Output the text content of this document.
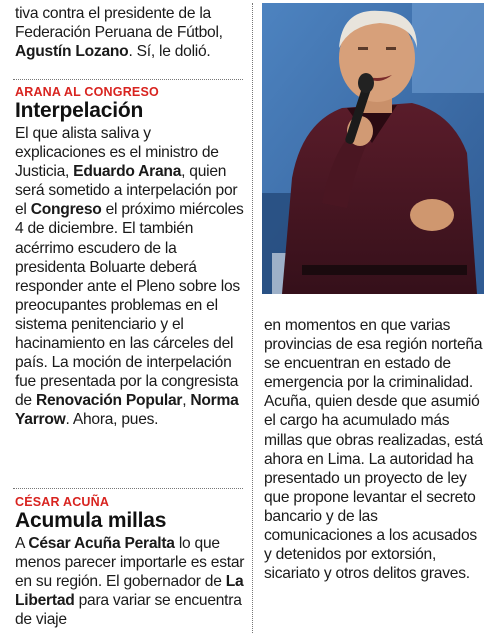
tiva contra el presidente de la Federación Peruana de Fútbol, Agustín Lozano. Sí, le dolió.

ARANA AL CONGRESO

Interpelación

El que alista saliva y explicaciones es el ministro de Justicia, Eduardo Arana, quien será sometido a interpelación por el Congreso el próximo miércoles 4 de diciembre. El también acérrimo escudero de la presidenta Boluarte deberá responder ante el Pleno sobre los preocupantes problemas en el sistema penitenciario y el hacinamiento en las cárceles del país. La moción de interpelación fue presentada por la congresista de Renovación Popular, Norma Yarrow. Ahora, pues.

CÉSAR ACUÑA

Acumula millas

A César Acuña Peralta lo que menos parecer importarle es estar en su región. El gobernador de La Libertad para variar se encuentra de viaje

en momentos en que varias provincias de esa región norteña se encuentran en estado de emergencia por la criminalidad. Acuña, quien desde que asumió el cargo ha acumulado más millas que obras realizadas, está ahora en Lima. La autoridad ha presentado un proyecto de ley que propone levantar el secreto bancario y de las comunicaciones a los acusados y detenidos por extorsión, sicariato y otros delitos graves.
